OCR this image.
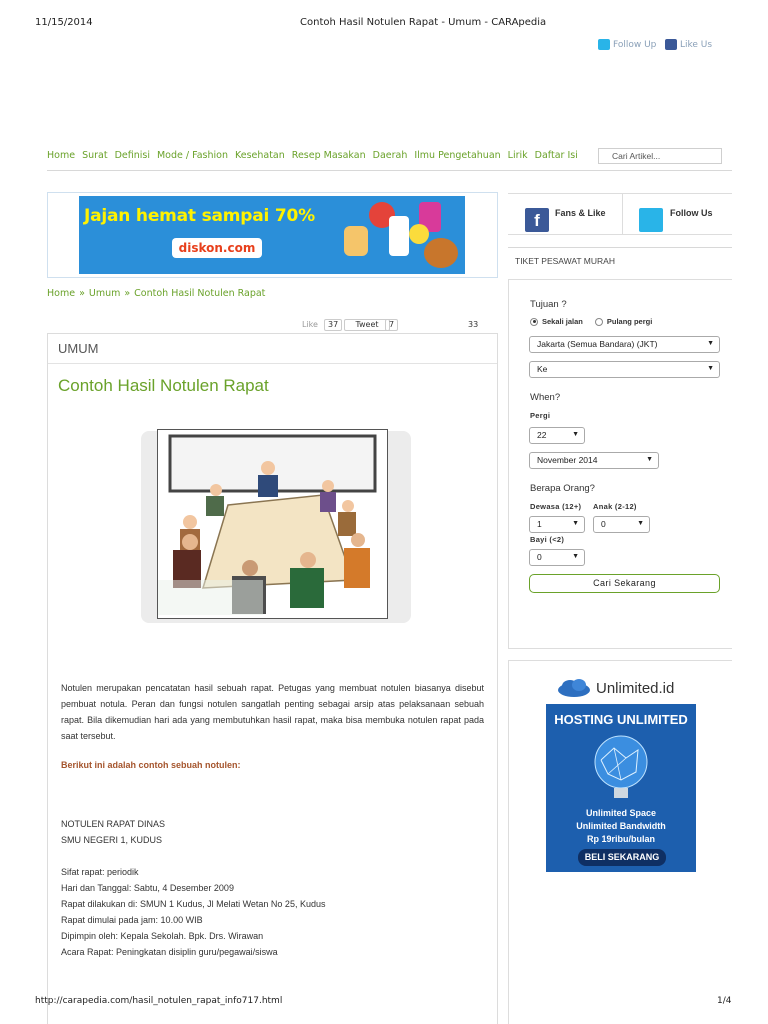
11/15/2014	Contoh Hasil Notulen Rapat - Umum - CARApedia
Follow Up	Like Us
Home Surat Definisi Mode / Fashion Kesehatan Resep Masakan Daerah Ilmu Pengetahuan Lirik Daftar Isi	Cari Artikel...
Jajan hemat sampai 70%
diskon.com
Home » Umum » Contoh Hasil Notulen Rapat
Like	37	Tweet	7	33
UMUM
Contoh Hasil Notulen Rapat
Notulen merupakan pencatatan hasil sebuah rapat. Petugas yang membuat notulen biasanya disebut pembuat notula. Peran dan fungsi notulen sangatlah penting sebagai arsip atas pelaksanaan sebuah rapat. Bila dikemudian hari ada yang membutuhkan hasil rapat, maka bisa membuka notulen rapat pada saat tersebut.
Berikut ini adalah contoh sebuah notulen:
NOTULEN RAPAT DINAS
SMU NEGERI 1, KUDUS
Sifat rapat: periodik
Hari dan Tanggal: Sabtu, 4 Desember 2009
Rapat dilakukan di: SMUN 1 Kudus, Jl Melati Wetan No 25, Kudus
Rapat dimulai pada jam: 10.00 WIB
Dipimpin oleh: Kepala Sekolah. Bpk. Drs. Wirawan
Acara Rapat: Peningkatan disiplin guru/pegawai/siswa
f	Fans & Like	Follow Us
TIKET PESAWAT MURAH
Tujuan ?
Sekali jalan	Pulang pergi
Jakarta (Semua Bandara) (JKT)	▼
Ke	▼
When?
Pergi
22	▼
November 2014	▼
Berapa Orang?
Dewasa (12+) Anak (2-12)
1	▼	0	▼
Bayi (<2)
0	▼
Cari Sekarang
Unlimited.id
HOSTING UNLIMITED
Unlimited Space
Unlimited Bandwidth
Rp 19ribu/bulan
BELI SEKARANG
http://carapedia.com/hasil_notulen_rapat_info717.html	1/4
